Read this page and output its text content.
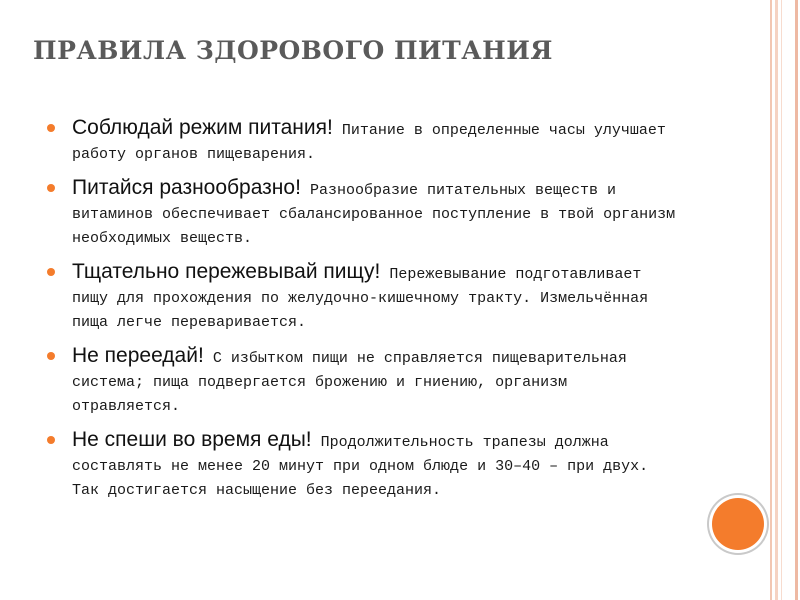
ПРАВИЛА ЗДОРОВОГО ПИТАНИЯ
Соблюдай режим питания! Питание в определенные часы улучшает работу органов пищеварения.
Питайся разнообразно! Разнообразие питательных веществ и витаминов обеспечивает сбалансированное поступление в твой организм необходимых веществ.
Тщательно пережевывай пищу! Пережевывание подготавливает пищу для прохождения по желудочно-кишечному тракту. Измельчённая пища легче переваривается.
Не переедай! С избытком пищи не справляется пищеварительная система; пища подвергается брожению и гниению, организм отравляется.
Не спеши во время еды! Продолжительность трапезы должна составлять не менее 20 минут при одном блюде и 30–40 – при двух. Так достигается насыщение без переедания.
